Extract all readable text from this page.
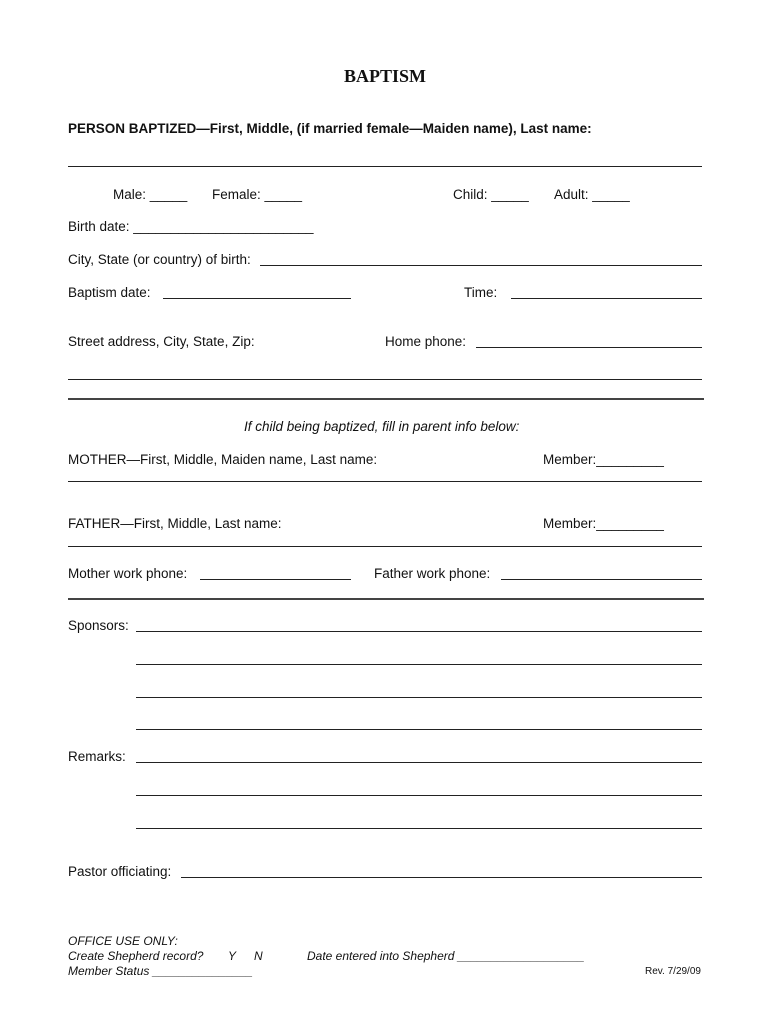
BAPTISM
PERSON BAPTIZED—First, Middle, (if married female—Maiden name), Last name:
Male: _____ Female: _____	Child: _____ Adult: _____
Birth date: ________________________
City, State (or country) of birth:
Baptism date:	Time:
Street address, City, State, Zip:	Home phone:
If child being baptized, fill in parent info below:
MOTHER—First, Middle, Maiden name, Last name:	Member:_________
FATHER—First, Middle, Last name:	Member:_________
Mother work phone:	Father work phone:
Sponsors:
Remarks:
Pastor officiating:
OFFICE USE ONLY:
Create Shepherd record? Y N
Member Status _______________
Date entered into Shepherd ___________________
Rev. 7/29/09
